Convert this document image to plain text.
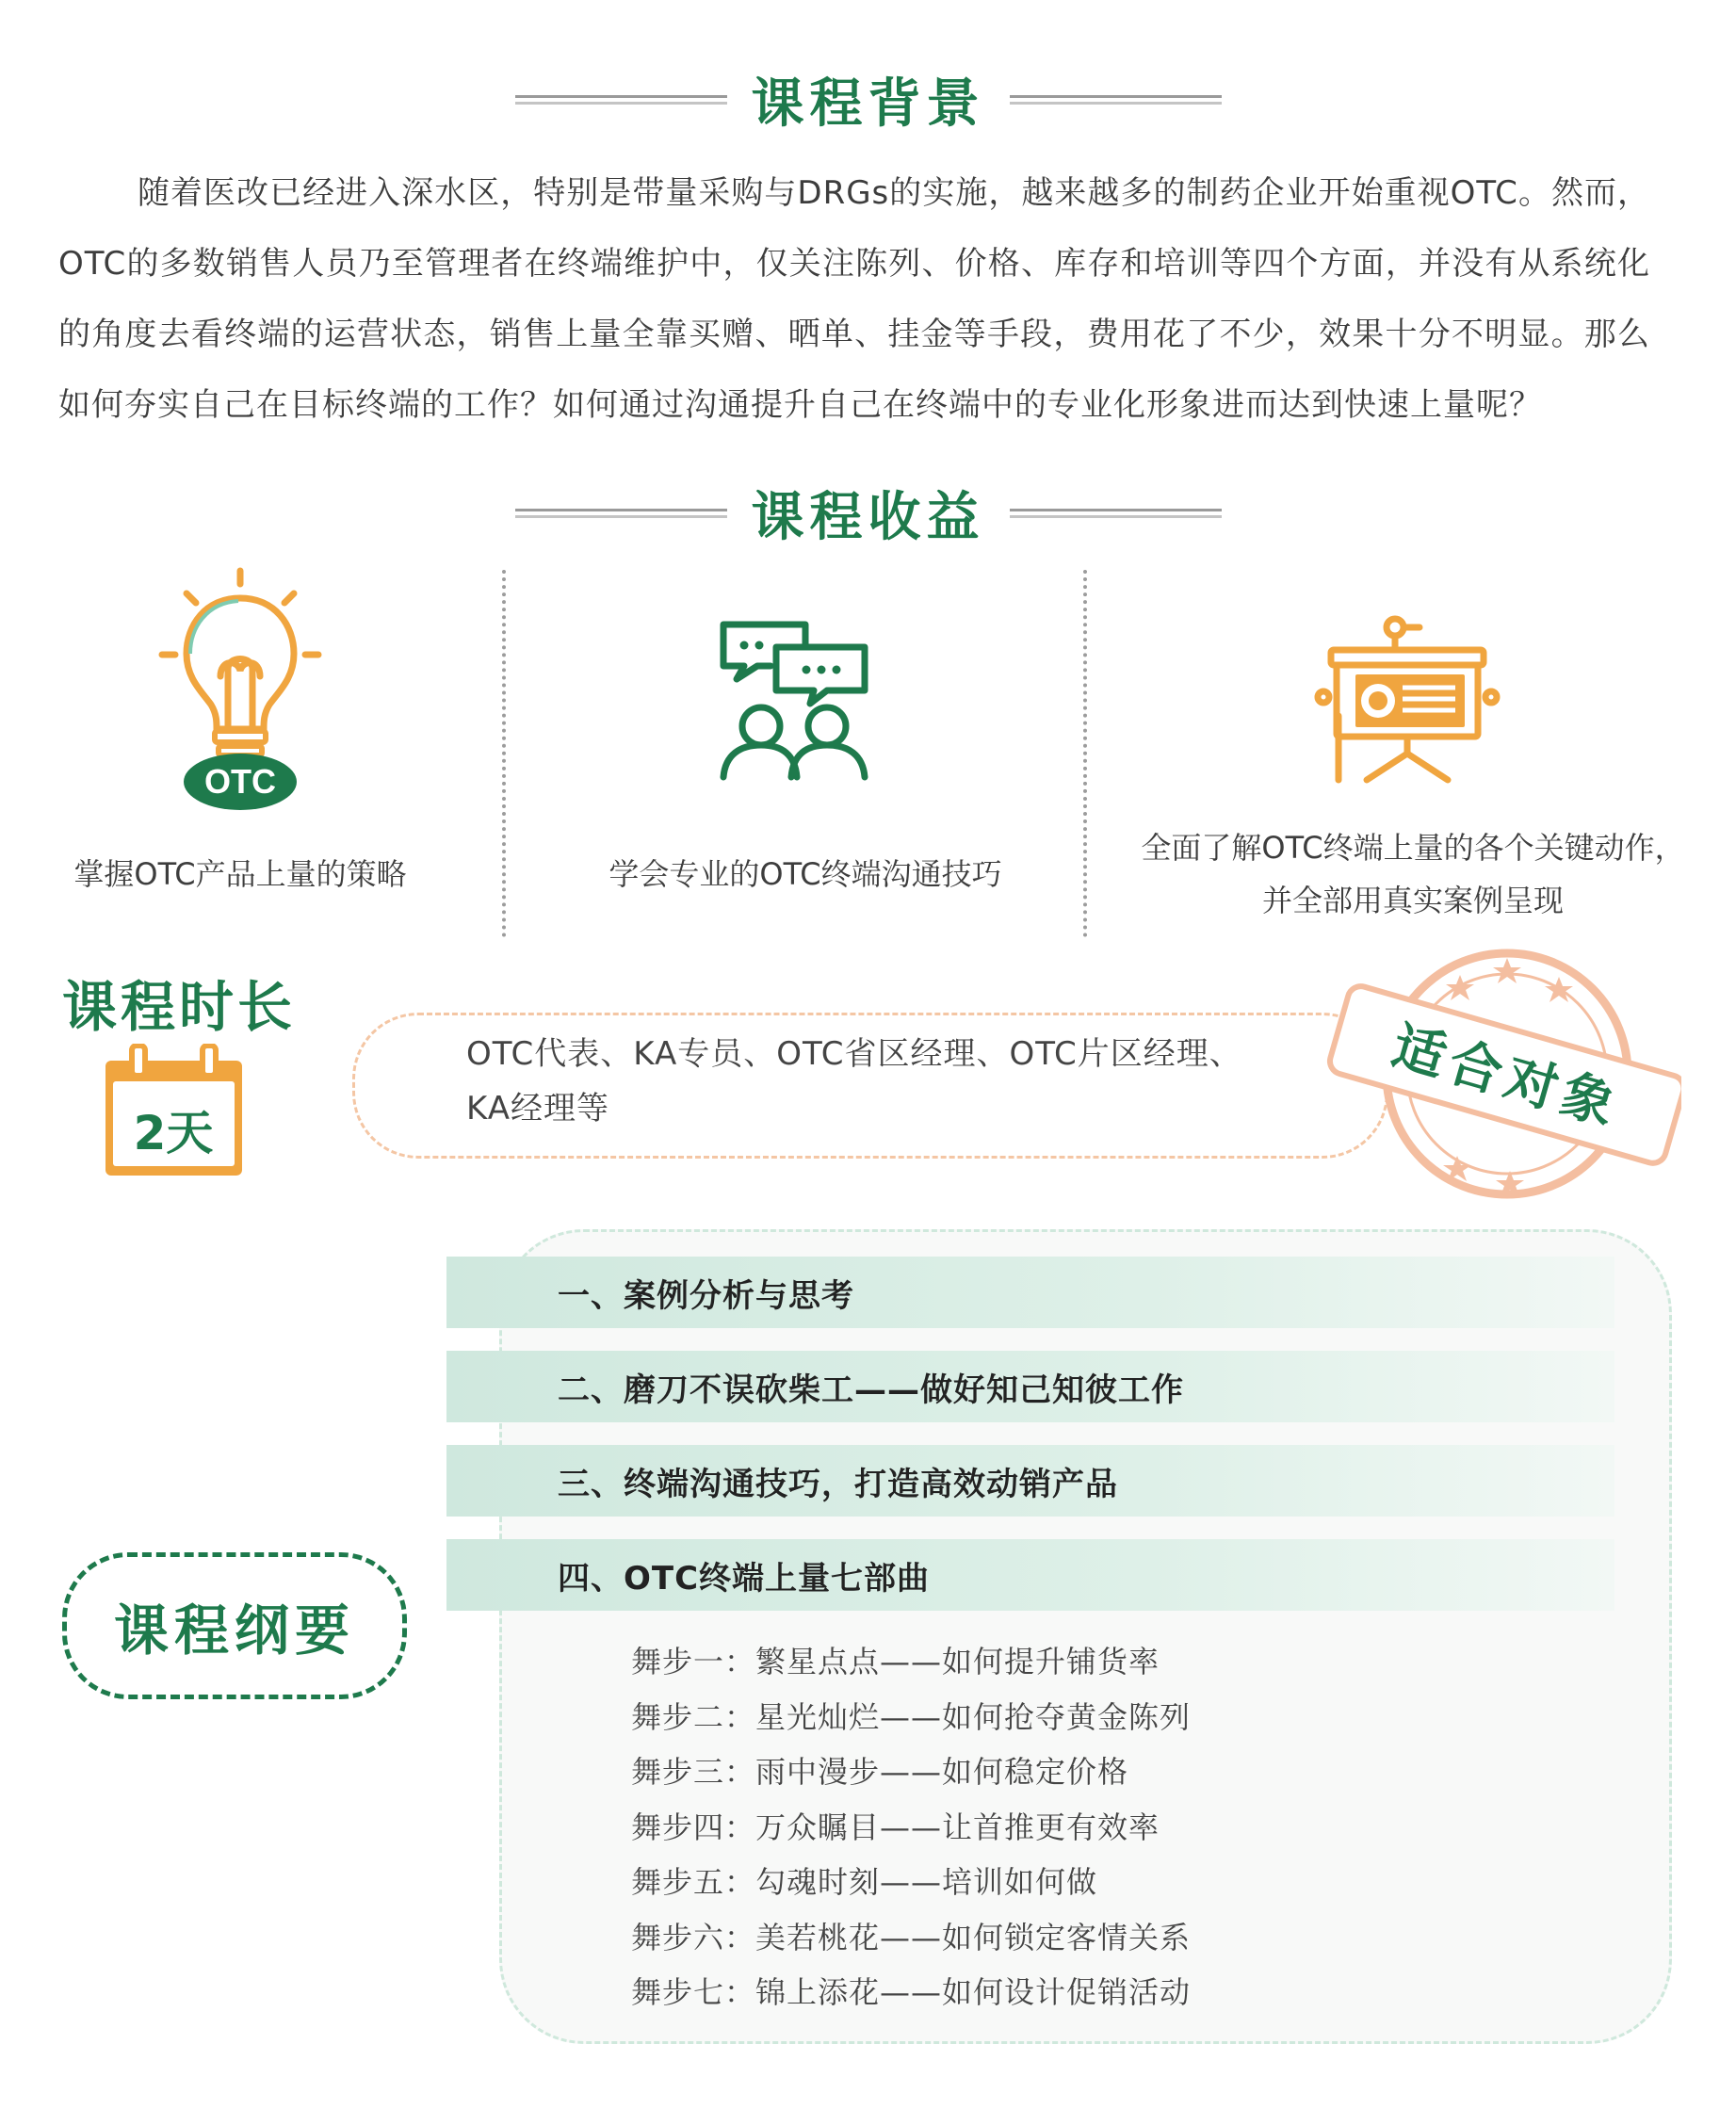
课程背景
随着医改已经进入深水区，特别是带量采购与DRGs的实施，越来越多的制药企业开始重视OTC。然而，OTC的多数销售人员乃至管理者在终端维护中，仅关注陈列、价格、库存和培训等四个方面，并没有从系统化的角度去看终端的运营状态，销售上量全靠买赠、晒单、挂金等手段，费用花了不少，效果十分不明显。那么如何夯实自己在目标终端的工作？如何通过沟通提升自己在终端中的专业化形象进而达到快速上量呢？
课程收益
OTC
掌握OTC产品上量的策略	学会专业的OTC终端沟通技巧
全面了解OTC终端上量的各个关键动作，
并全部用真实案例呈现
课程时长
2天
OTC代表、KA专员、OTC省区经理、OTC片区经理、
KA经理等	适合对象
一、案例分析与思考
二、磨刀不误砍柴工——做好知己知彼工作
三、终端沟通技巧，打造高效动销产品
四、OTC终端上量七部曲
舞步一：繁星点点——如何提升铺货率
舞步二：星光灿烂——如何抢夺黄金陈列
舞步三：雨中漫步——如何稳定价格
舞步四：万众瞩目——让首推更有效率
舞步五：勾魂时刻——培训如何做
舞步六：美若桃花——如何锁定客情关系
舞步七：锦上添花——如何设计促销活动
课程纲要
